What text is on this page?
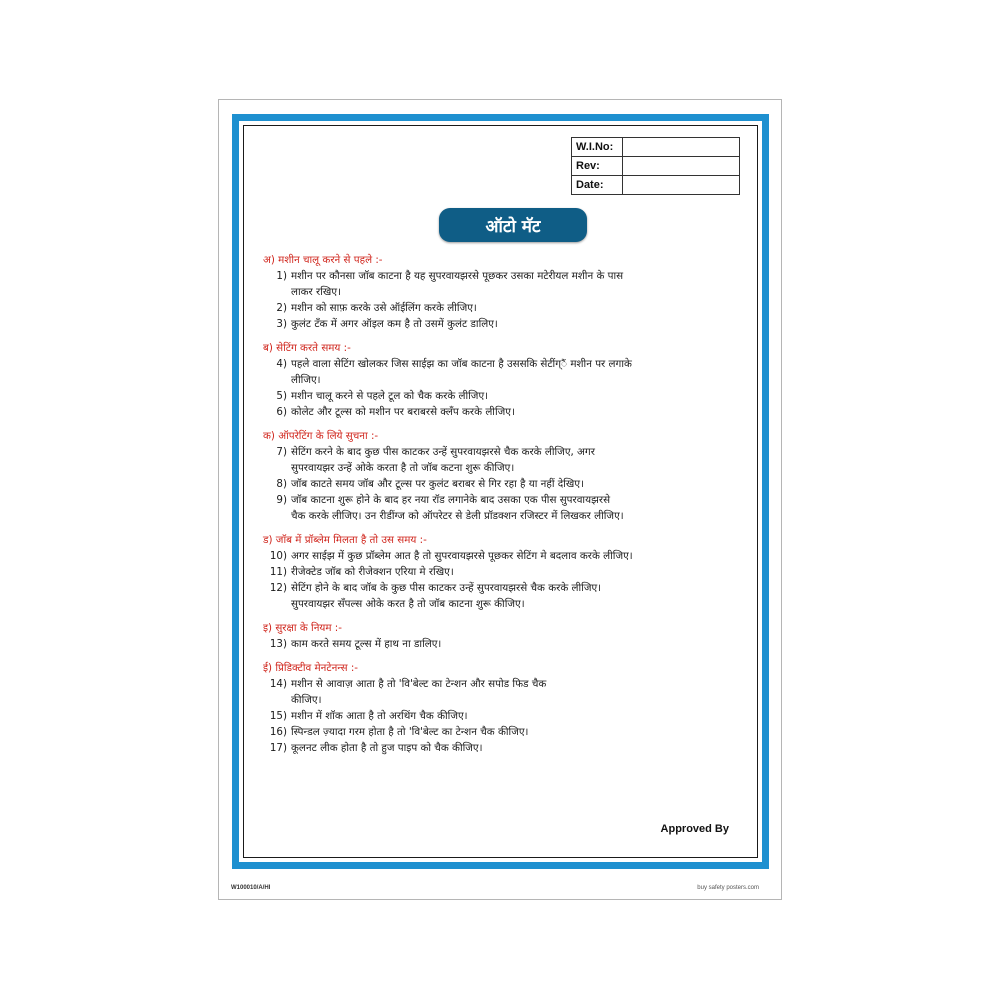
W.I.No:	
Rev:	
Date:	
ऑटो मॅट
अ) मशीन चालू करने से पहले :-
1) मशीन पर कौनसा जॉब काटना है यह सुपरवायझरसे पूछकर उसका मटेरीयल मशीन के पास
लाकर रखिए।
2) मशीन को साफ़ करके उसे ऑईलिंग करके लीजिए।
3) कुलंट टॅंक में अगर ऑइल कम है तो उसमें कुलंट डालिए।
ब) सेटिंग करते समय :-
4) पहले वाला सेटिंग खोलकर जिस साईझ का जॉब काटना है उससकि सेटींग्ैं मशीन पर लगाके
लीजिए।
5) मशीन चालू करने से पहले टूल को चैक करके लीजिए।
6) कोलेट और टूल्स को मशीन पर बराबरसे क्लॅंप करके लीजिए।
क) ऑपरेटिंग के लिये सुचना :-
7) सेटिंग करने के बाद कुछ पीस काटकर उन्हें सुपरवायझरसे चैक करके लीजिए, अगर
सुपरवायझर उन्हें ओके करता है तो जॉब कटना शुरू कीजिए।
8) जॉब काटते समय जॉब और टूल्स पर कुलंट बराबर से गिर रहा है या नहीं देखिए।
9) जॉब काटना शुरू होने के बाद हर नया रॉड लगानेके बाद उसका एक पीस सुपरवायझरसे
चैक करके लीजिए। उन रीडींग्ज को ऑपरेटर से डेली प्रॉडक्शन रजिस्टर में लिखकर लीजिए।
ड) जॉब में प्रॉब्लेम मिलता है तो उस समय :-
10) अगर साईझ में कुछ प्रॉब्लेम आत है तो सुपरवायझरसे पूछकर सेटिंग मे बदलाव करके लीजिए।
11) रीजेक्टेड जॉब को रीजेक्शन एरिया मे रखिए।
12) सेटिंग होने के बाद जॉब के कुछ पीस काटकर उन्हें सुपरवायझरसे चैक करके लीजिए।
सुपरवायझर सॅंपल्स ओके करत है तो जॉब काटना शुरू कीजिए।
इ) सुरक्षा के नियम :-
13) काम करते समय टूल्स में हाथ ना डालिए।
ई) प्रिडिक्टीव मेनटेनन्स :-
14) मशीन से आवाज़ आता है तो 'वि'बेल्ट का टेन्शन और सपोड फिड चैक
कीजिए।
15) मशीन में शॉक आता है तो अरथिंग चैक कीजिए।
16) स्पिन्डल ज़्यादा गरम होता है तो 'वि'बेल्ट का टेन्शन चैक कीजिए।
17) कूलनट लीक होता है तो हुज पाइप को चैक कीजिए।
Approved By
W100010/A/HI	buy safety posters.com
